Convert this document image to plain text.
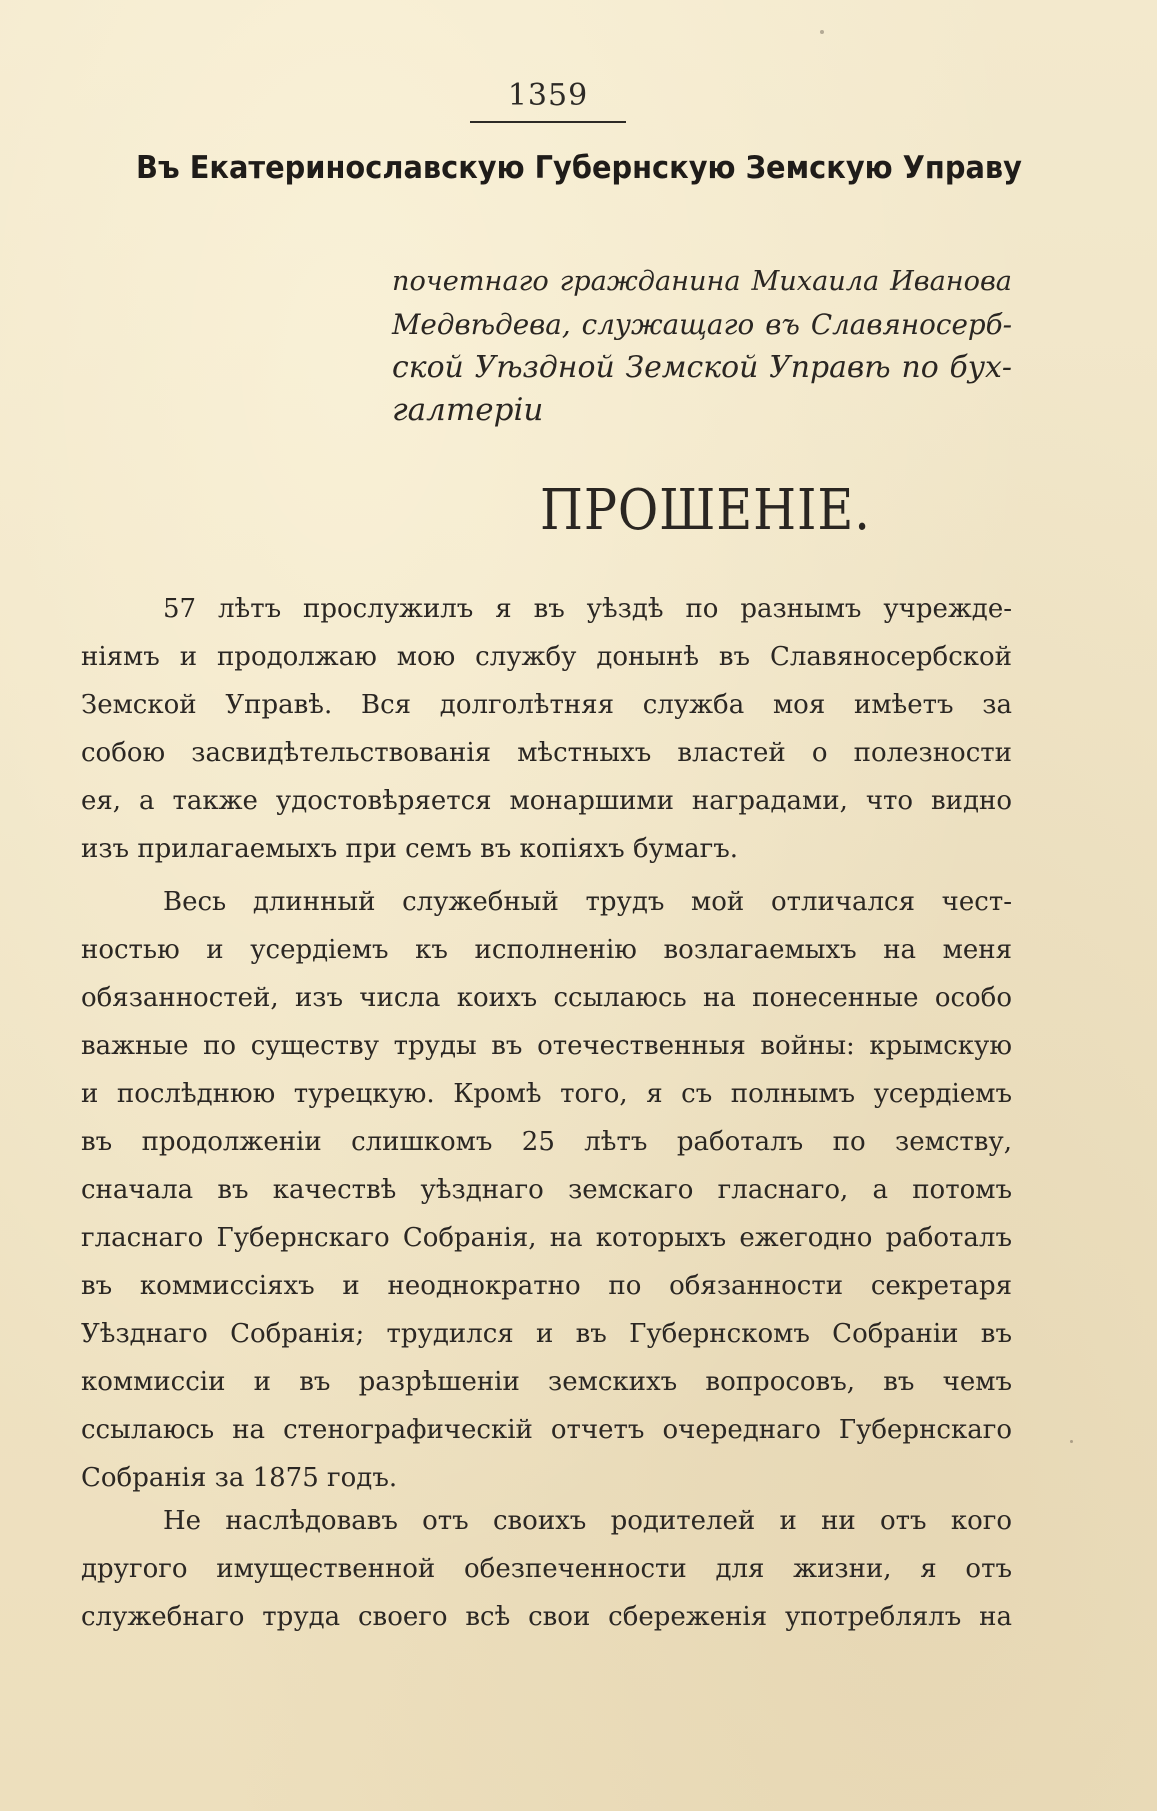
1359
Въ Екатеринославскую Губернскую Земскую Управу
почетнаго гражданина Михаила Иванова
Медвѣдева, служащаго въ Славяносерб-
ской Уѣздной Земской Управѣ по бух-
галтеріи
ПРОШЕНІЕ.
57 лѣтъ прослужилъ я въ уѣздѣ по разнымъ учрежде-
ніямъ и продолжаю мою службу донынѣ въ Славяносербской
Земской Управѣ. Вся долголѣтняя служба моя имѣетъ за
собою засвидѣтельствованія мѣстныхъ властей о полезности
ея, а также удостовѣряется монаршими наградами, что видно
изъ прилагаемыхъ при семъ въ копіяхъ бумагъ.
Весь длинный служебный трудъ мой отличался чест-
ностью и усердіемъ къ исполненію возлагаемыхъ на меня
обязанностей, изъ числа коихъ ссылаюсь на понесенные особо
важные по существу труды въ отечественныя войны: крымскую
и послѣднюю турецкую. Кромѣ того, я съ полнымъ усердіемъ
въ продолженіи слишкомъ 25 лѣтъ работалъ по земству,
сначала въ качествѣ уѣзднаго земскаго гласнаго, а потомъ
гласнаго Губернскаго Собранія, на которыхъ ежегодно работалъ
въ коммиссіяхъ и неоднократно по обязанности секретаря
Уѣзднаго Собранія; трудился и въ Губернскомъ Собраніи въ
коммиссіи и въ разрѣшеніи земскихъ вопросовъ, въ чемъ
ссылаюсь на стенографическій отчетъ очереднаго Губернскаго
Собранія за 1875 годъ.
Не наслѣдовавъ отъ своихъ родителей и ни отъ кого
другого имущественной обезпеченности для жизни, я отъ
служебнаго труда своего всѣ свои сбереженія употреблялъ на
